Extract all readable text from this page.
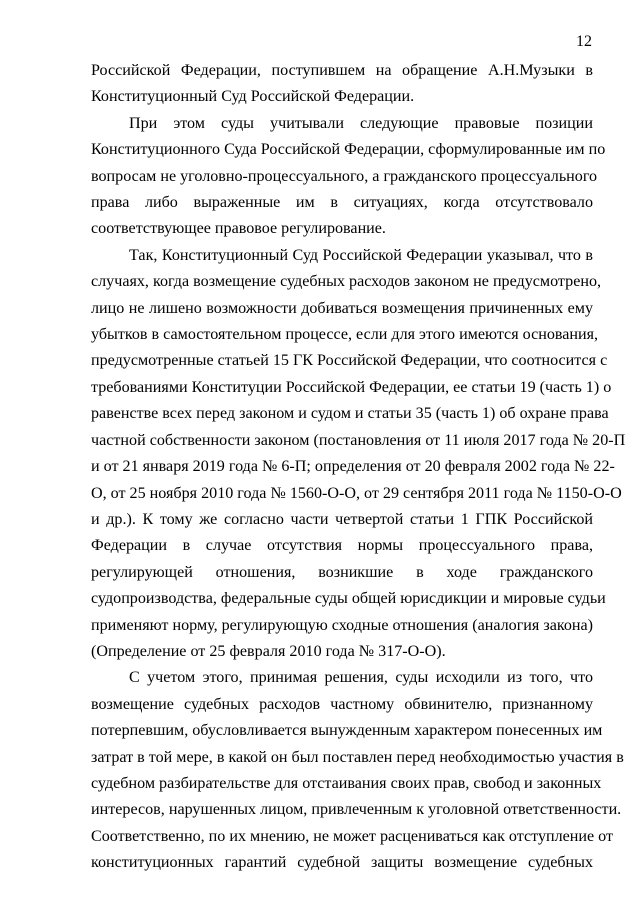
12

Российской Федерации, поступившем на обращение А.Н.Музыки в
Конституционный Суд Российской Федерации.

При этом суды учитывали следующие правовые позиции
Конституционного Суда Российской Федерации, сформулированные им по
вопросам не уголовно-процессуального, а гражданского процессуального
права либо выраженные им в ситуациях, когда отсутствовало
соответствующее правовое регулирование.

Так, Конституционный Суд Российской Федерации указывал, что в
случаях, когда возмещение судебных расходов законом не предусмотрено,
лицо не лишено возможности добиваться возмещения причиненных ему
убытков в самостоятельном процессе, если для этого имеются основания,
предусмотренные статьей 15 ГК Российской Федерации, что соотносится с
требованиями Конституции Российской Федерации, ее статьи 19 (часть 1) о
равенстве всех перед законом и судом и статьи 35 (часть 1) об охране права
частной собственности законом (постановления от 11 июля 2017 года № 20-П
и от 21 января 2019 года № 6-П; определения от 20 февраля 2002 года № 22-
О, от 25 ноября 2010 года № 1560-О-О, от 29 сентября 2011 года № 1150-О-О
и др.). К тому же согласно части четвертой статьи 1 ГПК Российской
Федерации в случае отсутствия нормы процессуального права,
регулирующей отношения, возникшие в ходе гражданского
судопроизводства, федеральные суды общей юрисдикции и мировые судьи
применяют норму, регулирующую сходные отношения (аналогия закона)
(Определение от 25 февраля 2010 года № 317-О-О).

С учетом этого, принимая решения, суды исходили из того, что
возмещение судебных расходов частному обвинителю, признанному
потерпевшим, обусловливается вынужденным характером понесенных им
затрат в той мере, в какой он был поставлен перед необходимостью участия в
судебном разбирательстве для отстаивания своих прав, свобод и законных
интересов, нарушенных лицом, привлеченным к уголовной ответственности.
Соответственно, по их мнению, не может расцениваться как отступление от
конституционных гарантий судебной защиты возмещение судебных
